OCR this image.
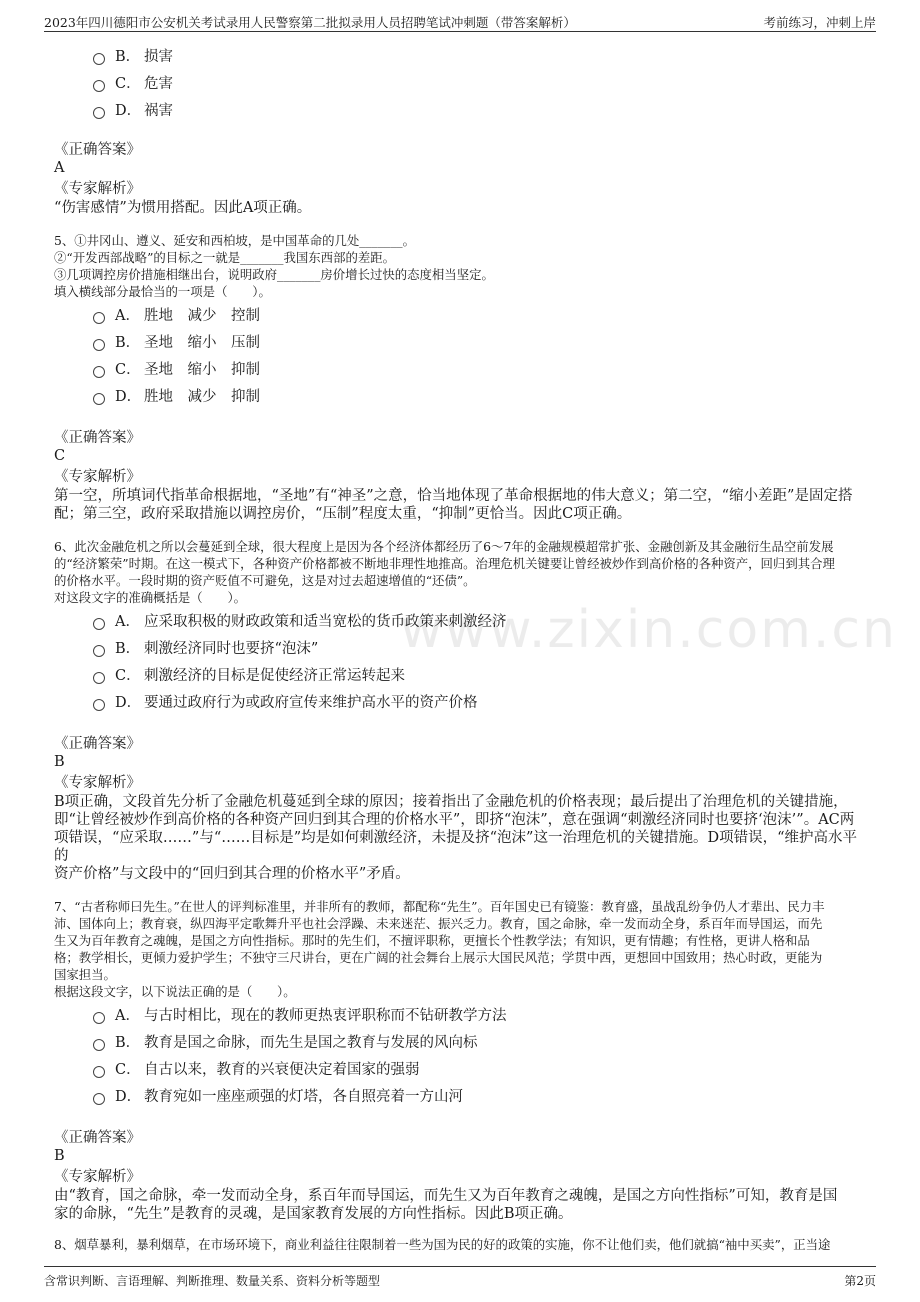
2023年四川德阳市公安机关考试录用人民警察第二批拟录用人员招聘笔试冲刺题（带答案解析）	考前练习，冲刺上岸
www.zixin.com.cn
B． 损害
C． 危害
D． 祸害
《正确答案》
A
《专家解析》
“伤害感情”为惯用搭配。因此A项正确。
5、①井冈山、遵义、延安和西柏坡，是中国革命的几处_______。
②“开发西部战略”的目标之一就是_______我国东西部的差距。
③几项调控房价措施相继出台，说明政府_______房价增长过快的态度相当坚定。
填入横线部分最恰当的一项是（　　）。
A． 胜地　减少　控制
B． 圣地　缩小　压制
C． 圣地　缩小　抑制
D． 胜地　减少　抑制
《正确答案》
C
《专家解析》
第一空，所填词代指革命根据地，“圣地”有“神圣”之意，恰当地体现了革命根据地的伟大意义；第二空，“缩小差距”是固定搭
配；第三空，政府采取措施以调控房价，“压制”程度太重，“抑制”更恰当。因此C项正确。
6、此次金融危机之所以会蔓延到全球，很大程度上是因为各个经济体都经历了6～7年的金融规模超常扩张、金融创新及其金融衍生品空前发展
的“经济繁荣”时期。在这一模式下，各种资产价格都被不断地非理性地推高。治理危机关键要让曾经被炒作到高价格的各种资产，回归到其合理
的价格水平。一段时期的资产贬值不可避免，这是对过去超速增值的“还债”。
对这段文字的准确概括是（　　）。
A． 应采取积极的财政政策和适当宽松的货币政策来刺激经济
B． 刺激经济同时也要挤“泡沫”
C． 刺激经济的目标是促使经济正常运转起来
D． 要通过政府行为或政府宣传来维护高水平的资产价格
《正确答案》
B
《专家解析》
B项正确，文段首先分析了金融危机蔓延到全球的原因；接着指出了金融危机的价格表现；最后提出了治理危机的关键措施，
即“让曾经被炒作到高价格的各种资产回归到其合理的价格水平”，即挤“泡沫”，意在强调“刺激经济同时也要挤‘泡沫’”。AC两
项错误，“应采取……”与“……目标是”均是如何刺激经济，未提及挤“泡沫”这一治理危机的关键措施。D项错误，“维护高水平的
资产价格”与文段中的“回归到其合理的价格水平”矛盾。
7、“古者称师曰先生。”在世人的评判标准里，并非所有的教师，都配称“先生”。百年国史已有镜鉴：教育盛，虽战乱纷争仍人才辈出、民力丰
沛、国体向上；教育衰，纵四海平定歌舞升平也社会浮躁、未来迷茫、振兴乏力。教育，国之命脉，牵一发而动全身，系百年而导国运，而先
生又为百年教育之魂魄，是国之方向性指标。那时的先生们，不擅评职称，更擅长个性教学法；有知识，更有情趣；有性格，更讲人格和品
格；教学相长，更倾力爱护学生；不独守三尺讲台，更在广阔的社会舞台上展示大国民风范；学贯中西，更想回中国致用；热心时政，更能为
国家担当。
根据这段文字，以下说法正确的是（　　）。
A． 与古时相比，现在的教师更热衷评职称而不钻研教学方法
B． 教育是国之命脉，而先生是国之教育与发展的风向标
C． 自古以来，教育的兴衰便决定着国家的强弱
D． 教育宛如一座座顽强的灯塔，各自照亮着一方山河
《正确答案》
B
《专家解析》
由“教育，国之命脉，牵一发而动全身，系百年而导国运，而先生又为百年教育之魂魄，是国之方向性指标”可知，教育是国
家的命脉，“先生”是教育的灵魂，是国家教育发展的方向性指标。因此B项正确。
8、烟草暴利，暴利烟草，在市场环境下，商业利益往往限制着一些为国为民的好的政策的实施，你不让他们卖，他们就搞“袖中买卖”，正当途
含常识判断、言语理解、判断推理、数量关系、资料分析等题型	第2页
